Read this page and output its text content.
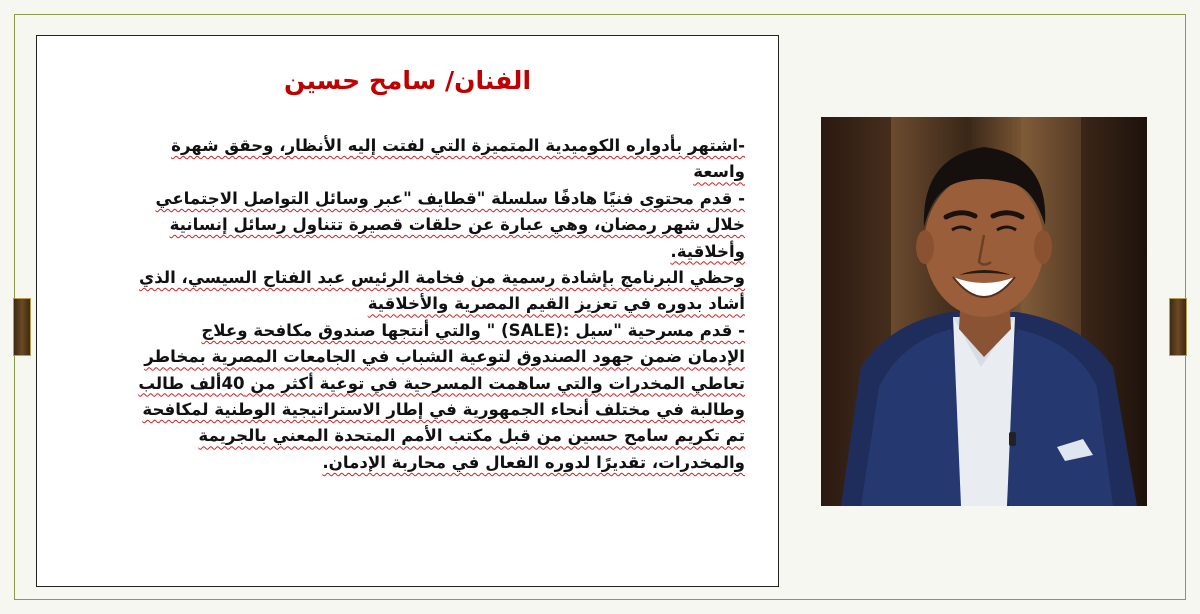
الفنان/ سامح حسين
-اشتهر بأدواره الكوميدية المتميزة التي لفتت إليه الأنظار، وحقق شهرة
واسعة
- قدم محتوى فنيًا هادفًا سلسلة "قطايف "عبر وسائل التواصل الاجتماعي
خلال شهر رمضان، وهي عبارة عن حلقات قصيرة تتناول رسائل إنسانية
وأخلاقية.
وحظي البرنامج بإشادة رسمية من فخامة الرئيس عبد الفتاح السيسي، الذي
أشاد بدوره في تعزيز القيم المصرية والأخلاقية
- قدم مسرحية "سيل :(SALE) " والتي أنتجها صندوق مكافحة وعلاج
الإدمان ضمن جهود الصندوق لتوعية الشباب في الجامعات المصرية بمخاطر
تعاطي المخدرات والتي ساهمت المسرحية في توعية أكثر من 40ألف طالب
وطالبة في مختلف أنحاء الجمهورية في إطار الاستراتيجية الوطنية لمكافحة
تم تكريم سامح حسين من قبل مكتب الأمم المتحدة المعني بالجريمة
والمخدرات، تقديرًا لدوره الفعال في محاربة الإدمان.
